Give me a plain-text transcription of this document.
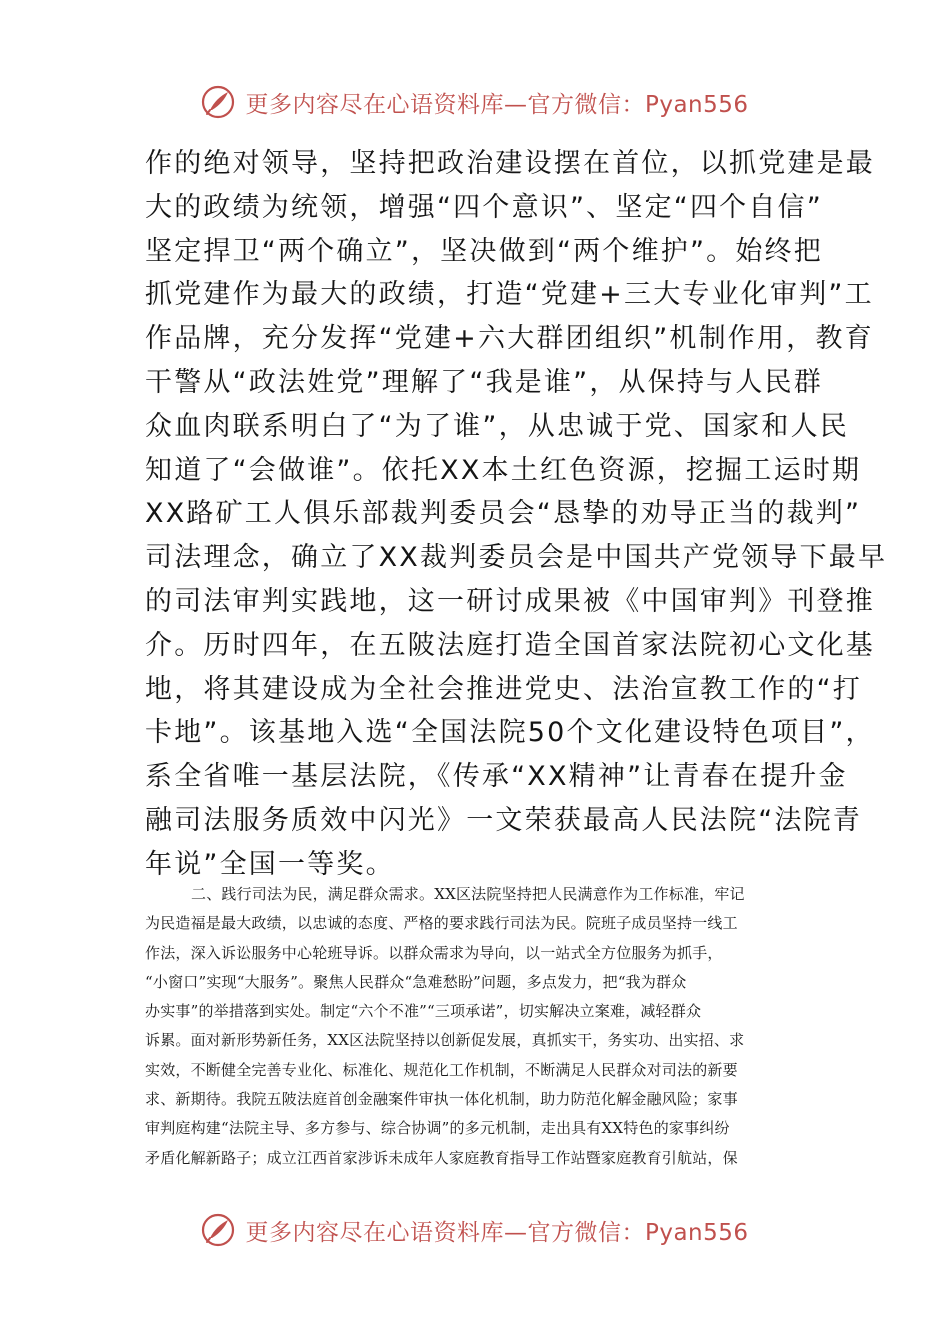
更多内容尽在心语资料库—官方微信：Pyan556
作的绝对领导，坚持把政治建设摆在首位，以抓党建是最
大的政绩为统领，增强“四个意识”、坚定“四个自信”
坚定捍卫“两个确立”，坚决做到“两个维护”。始终把
抓党建作为最大的政绩，打造“党建+三大专业化审判”工
作品牌，充分发挥“党建+六大群团组织”机制作用，教育
干警从“政法姓党”理解了“我是谁”，从保持与人民群
众血肉联系明白了“为了谁”，从忠诚于党、国家和人民
知道了“会做谁”。依托XX本土红色资源，挖掘工运时期
XX路矿工人俱乐部裁判委员会“恳挚的劝导正当的裁判”
司法理念，确立了XX裁判委员会是中国共产党领导下最早
的司法审判实践地，这一研讨成果被《中国审判》刊登推
介。历时四年，在五陂法庭打造全国首家法院初心文化基
地，将其建设成为全社会推进党史、法治宣教工作的“打
卡地”。该基地入选“全国法院50个文化建设特色项目”，
系全省唯一基层法院，《传承“XX精神”让青春在提升金
融司法服务质效中闪光》一文荣获最高人民法院“法院青
年说”全国一等奖。
二、践行司法为民，满足群众需求。XX区法院坚持把人民满意作为工作标准，牢记
为民造福是最大政绩，以忠诚的态度、严格的要求践行司法为民。院班子成员坚持一线工
作法，深入诉讼服务中心轮班导诉。以群众需求为导向，以一站式全方位服务为抓手，
“小窗口”实现“大服务”。聚焦人民群众“急难愁盼”问题，多点发力，把“我为群众
办实事”的举措落到实处。制定“六个不准”“三项承诺”，切实解决立案难，减轻群众
诉累。面对新形势新任务，XX区法院坚持以创新促发展，真抓实干，务实功、出实招、求
实效，不断健全完善专业化、标准化、规范化工作机制，不断满足人民群众对司法的新要
求、新期待。我院五陂法庭首创金融案件审执一体化机制，助力防范化解金融风险；家事
审判庭构建“法院主导、多方参与、综合协调”的多元机制，走出具有XX特色的家事纠纷
矛盾化解新路子；成立江西首家涉诉未成年人家庭教育指导工作站暨家庭教育引航站，保
更多内容尽在心语资料库—官方微信：Pyan556
